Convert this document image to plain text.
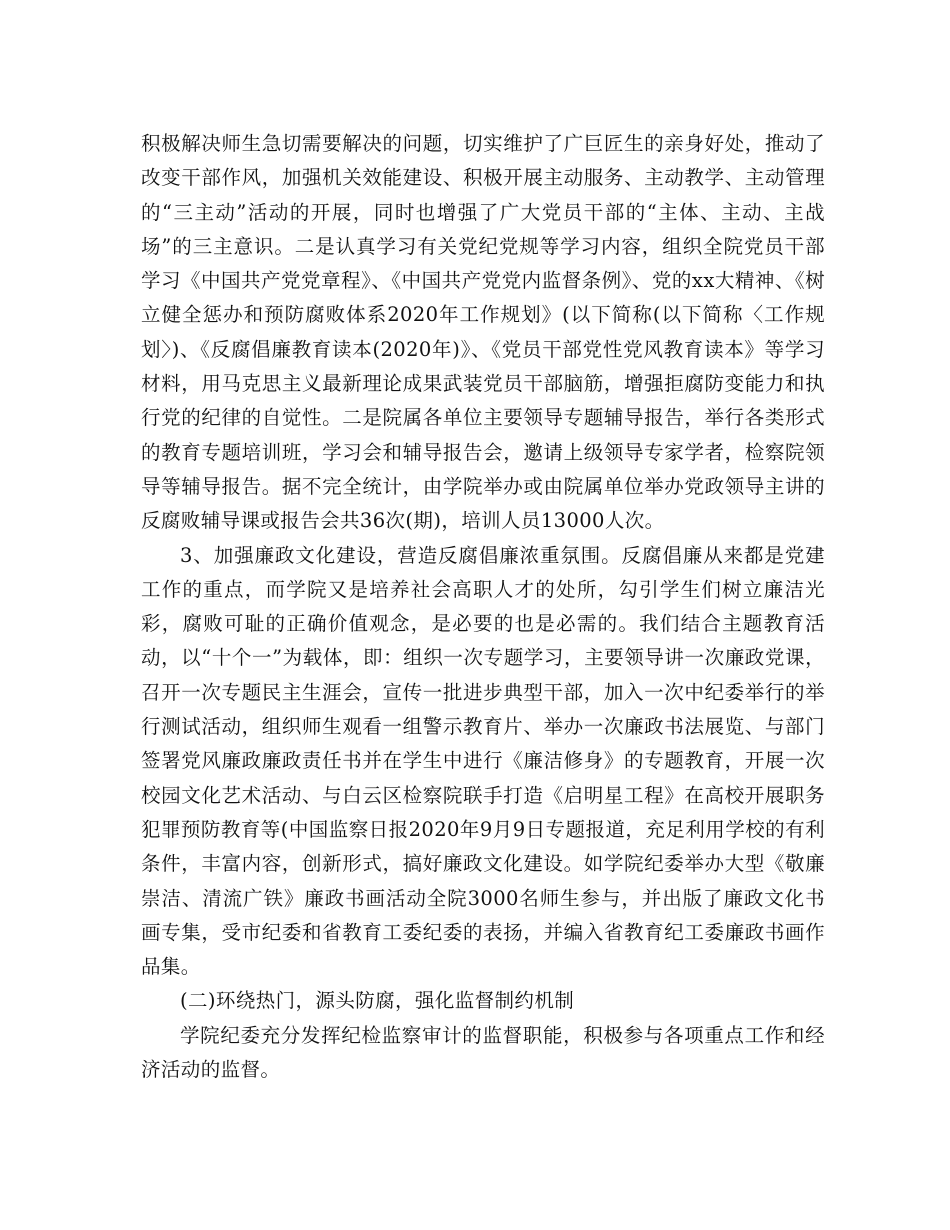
积极解决师生急切需要解决的问题，切实维护了广巨匠生的亲身好处，推动了改变干部作风，加强机关效能建设、积极开展主动服务、主动教学、主动管理的“三主动”活动的开展，同时也增强了广大党员干部的“主体、主动、主战场”的三主意识。二是认真学习有关党纪党规等学习内容，组织全院党员干部学习《中国共产党党章程》、《中国共产党党内监督条例》、党的xx大精神、《树立健全惩办和预防腐败体系2020年工作规划》(以下简称(以下简称〈工作规划〉)、《反腐倡廉教育读本(2020年)》、《党员干部党性党风教育读本》等学习材料，用马克思主义最新理论成果武装党员干部脑筋，增强拒腐防变能力和执行党的纪律的自觉性。二是院属各单位主要领导专题辅导报告，举行各类形式的教育专题培训班，学习会和辅导报告会，邀请上级领导专家学者，检察院领导等辅导报告。据不完全统计，由学院举办或由院属单位举办党政领导主讲的反腐败辅导课或报告会共36次(期)，培训人员13000人次。

3、加强廉政文化建设，营造反腐倡廉浓重氛围。反腐倡廉从来都是党建工作的重点，而学院又是培养社会高职人才的处所，勾引学生们树立廉洁光彩，腐败可耻的正确价值观念，是必要的也是必需的。我们结合主题教育活动，以“十个一”为载体，即：组织一次专题学习，主要领导讲一次廉政党课，召开一次专题民主生涯会，宣传一批进步典型干部，加入一次中纪委举行的举行测试活动，组织师生观看一组警示教育片、举办一次廉政书法展览、与部门签署党风廉政廉政责任书并在学生中进行《廉洁修身》的专题教育，开展一次校园文化艺术活动、与白云区检察院联手打造《启明星工程》在高校开展职务犯罪预防教育等(中国监察日报2020年9月9日专题报道，充足利用学校的有利条件，丰富内容，创新形式，搞好廉政文化建设。如学院纪委举办大型《敬廉崇洁、清流广铁》廉政书画活动全院3000名师生参与，并出版了廉政文化书画专集，受市纪委和省教育工委纪委的表扬，并编入省教育纪工委廉政书画作品集。

(二)环绕热门，源头防腐，强化监督制约机制

学院纪委充分发挥纪检监察审计的监督职能，积极参与各项重点工作和经济活动的监督。
